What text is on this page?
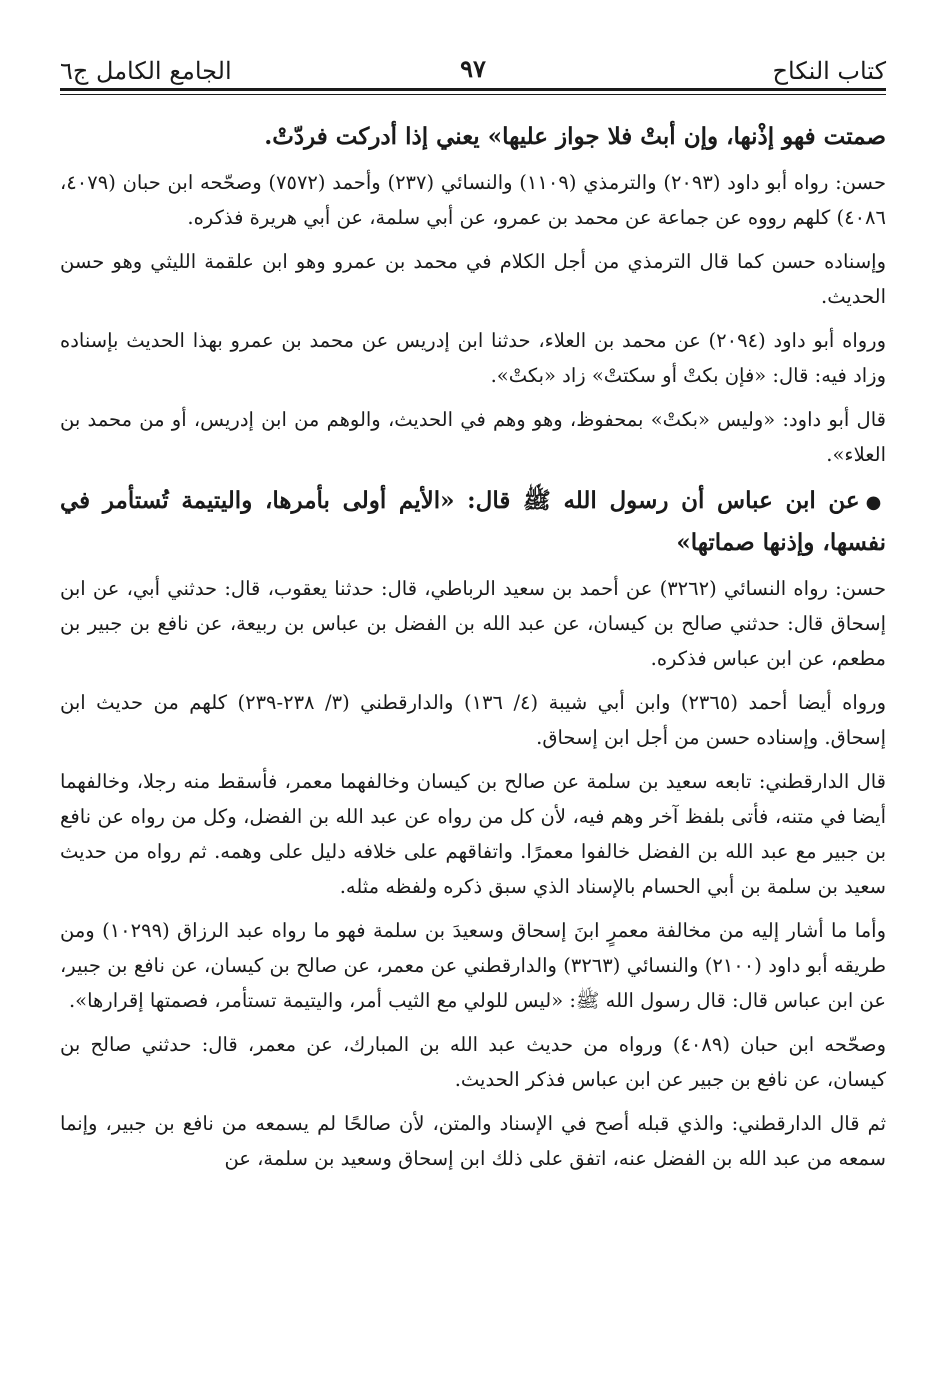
كتاب النكاح
٩٧
الجامع الكامل ج٦

صمتت فهو إذْنها، وإن أبتْ فلا جواز عليها» يعني إذا أدركت فردّتْ.

حسن: رواه أبو داود (٢٠٩٣) والترمذي (١١٠٩) والنسائي (٢٣٧) وأحمد (٧٥٧٢) وصحّحه ابن حبان (٤٠٧٩، ٤٠٨٦) كلهم رووه عن جماعة عن محمد بن عمرو، عن أبي سلمة، عن أبي هريرة فذكره.

وإسناده حسن كما قال الترمذي من أجل الكلام في محمد بن عمرو وهو ابن علقمة الليثي وهو حسن الحديث.

ورواه أبو داود (٢٠٩٤) عن محمد بن العلاء، حدثنا ابن إدريس عن محمد بن عمرو بهذا الحديث بإسناده وزاد فيه: قال: «فإن بكتْ أو سكتتْ» زاد «بكتْ».

قال أبو داود: «وليس «بكتْ» بمحفوظ، وهو وهم في الحديث، والوهم من ابن إدريس، أو من محمد بن العلاء».

●عن ابن عباس أن رسول الله ﷺ قال: «الأيم أولى بأمرها، واليتيمة تُستأمر في نفسها، وإذنها صماتها»

حسن: رواه النسائي (٣٢٦٢) عن أحمد بن سعيد الرباطي، قال: حدثنا يعقوب، قال: حدثني أبي، عن ابن إسحاق قال: حدثني صالح بن كيسان، عن عبد الله بن الفضل بن عباس بن ربيعة، عن نافع بن جبير بن مطعم، عن ابن عباس فذكره.

ورواه أيضا أحمد (٢٣٦٥) وابن أبي شيبة (٤/ ١٣٦) والدارقطني (٣/ ٢٣٨-٢٣٩) كلهم من حديث ابن إسحاق. وإسناده حسن من أجل ابن إسحاق.

قال الدارقطني: تابعه سعيد بن سلمة عن صالح بن كيسان وخالفهما معمر، فأسقط منه رجلا، وخالفهما أيضا في متنه، فأتى بلفظ آخر وهم فيه، لأن كل من رواه عن عبد الله بن الفضل، وكل من رواه عن نافع بن جبير مع عبد الله بن الفضل خالفوا معمرًا. واتفاقهم على خلافه دليل على وهمه. ثم رواه من حديث سعيد بن سلمة بن أبي الحسام بالإسناد الذي سبق ذكره ولفظه مثله.

وأما ما أشار إليه من مخالفة معمرٍ ابنَ إسحاق وسعيدَ بن سلمة فهو ما رواه عبد الرزاق (١٠٢٩٩) ومن طريقه أبو داود (٢١٠٠) والنسائي (٣٢٦٣) والدارقطني عن معمر، عن صالح بن كيسان، عن نافع بن جبير، عن ابن عباس قال: قال رسول الله ﷺ: «ليس للولي مع الثيب أمر، واليتيمة تستأمر، فصمتها إقرارها».

وصحّحه ابن حبان (٤٠٨٩) ورواه من حديث عبد الله بن المبارك، عن معمر، قال: حدثني صالح بن كيسان، عن نافع بن جبير عن ابن عباس فذكر الحديث.

ثم قال الدارقطني: والذي قبله أصح في الإسناد والمتن، لأن صالحًا لم يسمعه من نافع بن جبير، وإنما سمعه من عبد الله بن الفضل عنه، اتفق على ذلك ابن إسحاق وسعيد بن سلمة، عن
